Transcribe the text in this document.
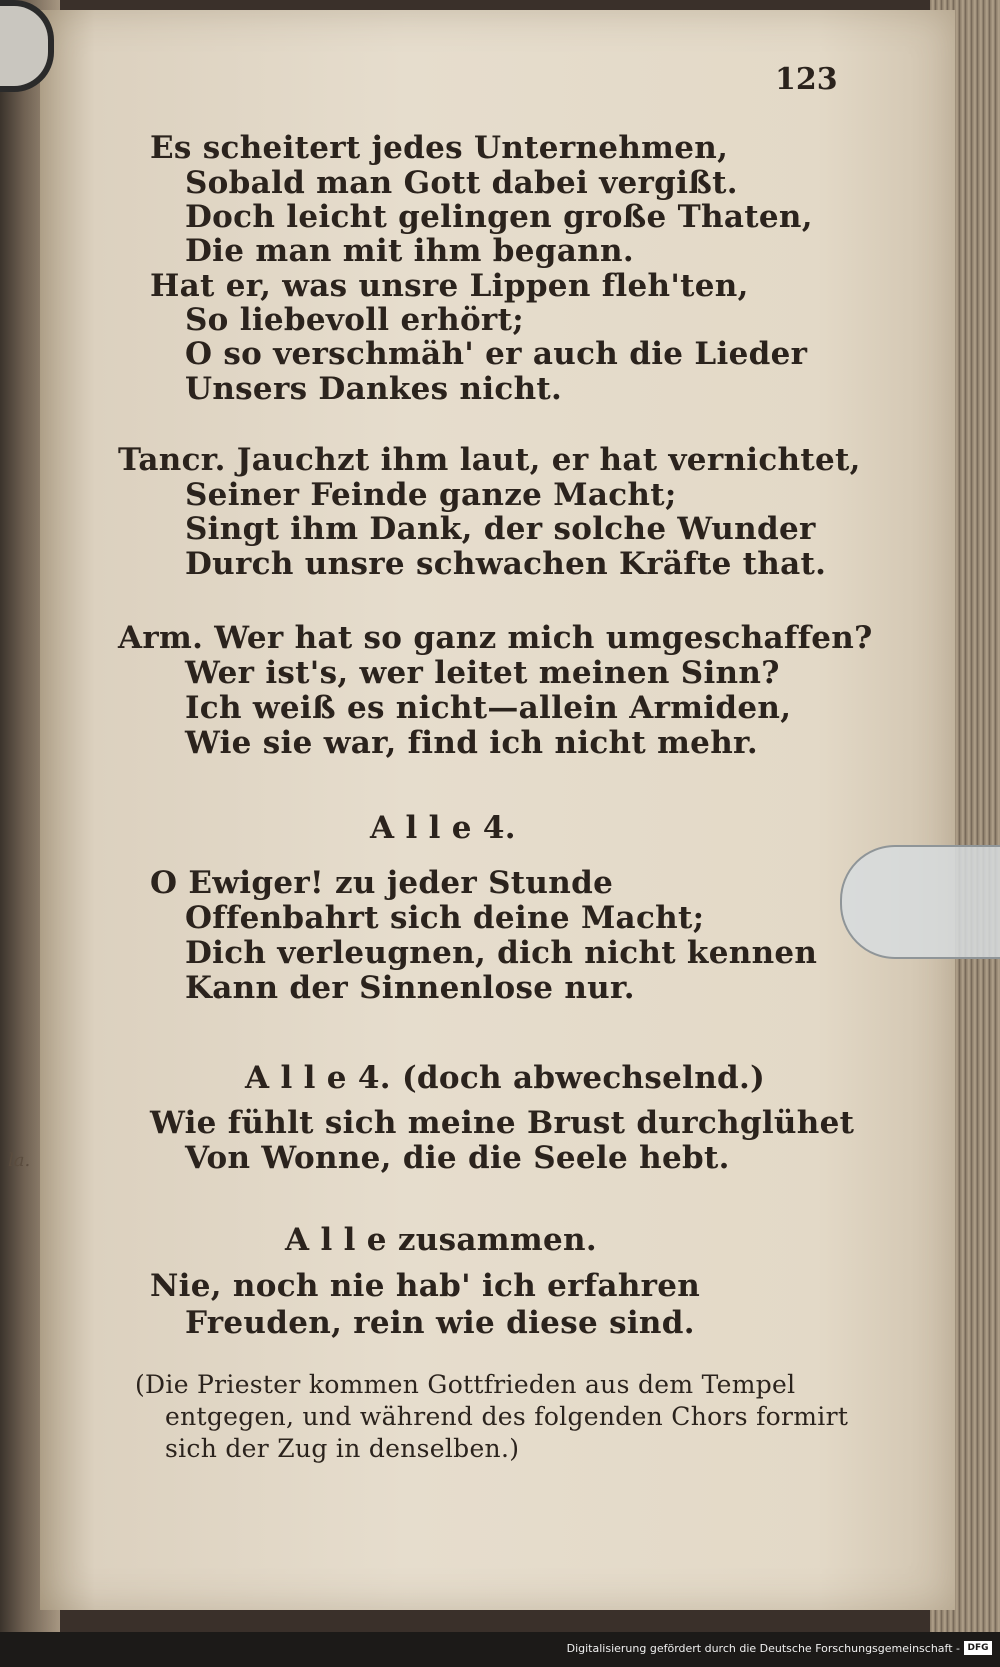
la.
123
Es scheitert jedes Unternehmen,
Sobald man Gott dabei vergißt.
Doch leicht gelingen große Thaten,
Die man mit ihm begann.
Hat er, was unsre Lippen fleh'ten,
So liebevoll erhört;
O so verschmäh' er auch die Lieder
Unsers Dankes nicht.
Tancr. Jauchzt ihm laut, er hat vernichtet,
Seiner Feinde ganze Macht;
Singt ihm Dank, der solche Wunder
Durch unsre schwachen Kräfte that.
Arm. Wer hat so ganz mich umgeschaffen?
Wer ist's, wer leitet meinen Sinn?
Ich weiß es nicht—allein Armiden,
Wie sie war, find ich nicht mehr.
A l l e 4.
O Ewiger! zu jeder Stunde
Offenbahrt sich deine Macht;
Dich verleugnen, dich nicht kennen
Kann der Sinnenlose nur.
A l l e 4. (doch abwechselnd.)
Wie fühlt sich meine Brust durchglühet
Von Wonne, die die Seele hebt.
A l l e zusammen.
Nie, noch nie hab' ich erfahren
Freuden, rein wie diese sind.
(Die Priester kommen Gottfrieden aus dem Tempel
entgegen, und während des folgenden Chors formirt
sich der Zug in denselben.)
Digitalisierung gefördert durch die Deutsche Forschungsgemeinschaft - DFG
